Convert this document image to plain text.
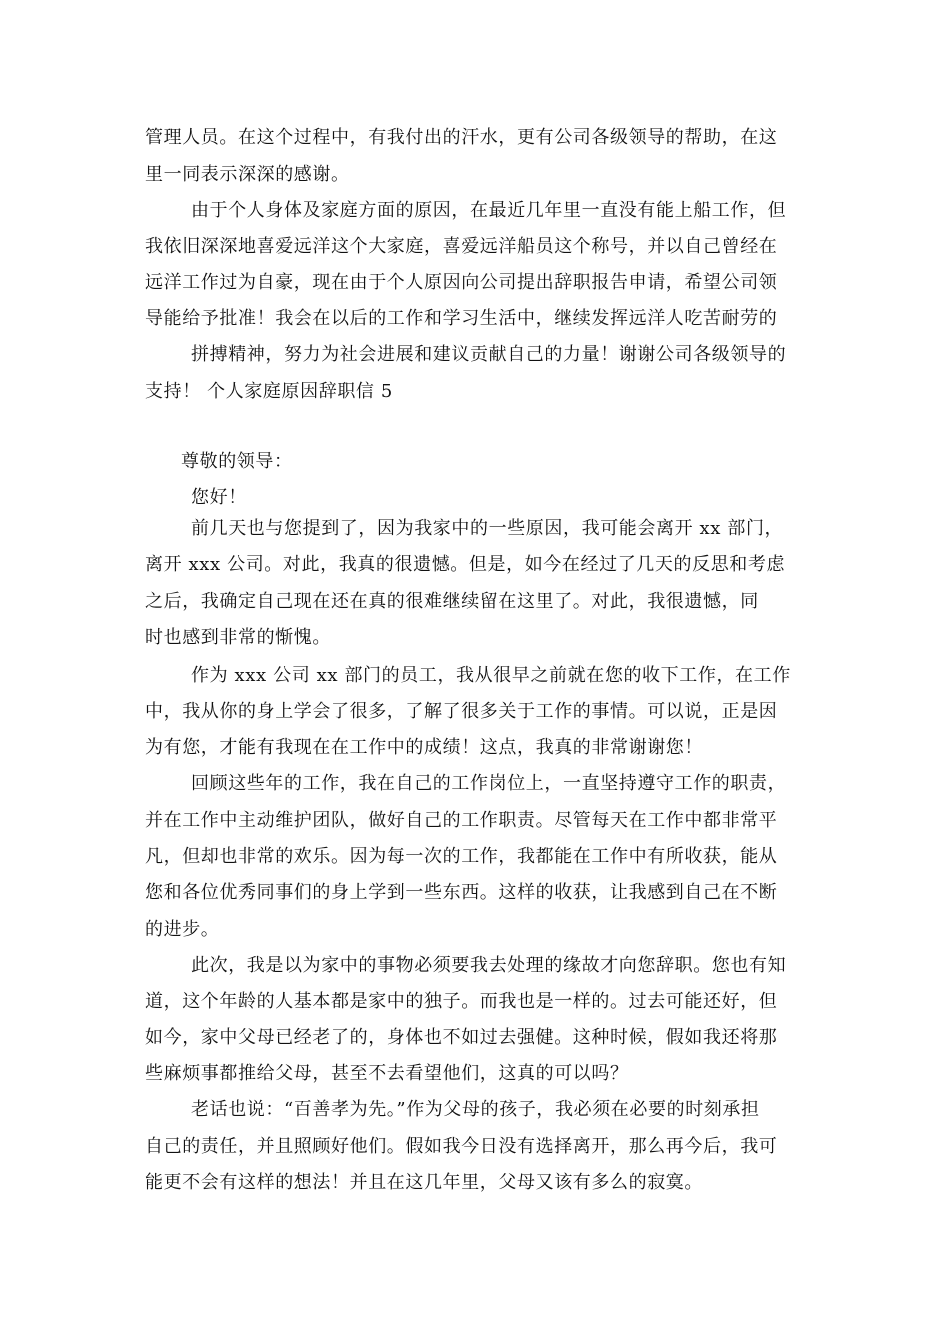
管理人员。在这个过程中，有我付出的汗水，更有公司各级领导的帮助，在这
里一同表示深深的感谢。
由于个人身体及家庭方面的原因，在最近几年里一直没有能上船工作，但
我依旧深深地喜爱远洋这个大家庭，喜爱远洋船员这个称号，并以自己曾经在
远洋工作过为自豪，现在由于个人原因向公司提出辞职报告申请，希望公司领
导能给予批准！我会在以后的工作和学习生活中，继续发挥远洋人吃苦耐劳的
拼搏精神，努力为社会进展和建议贡献自己的力量！谢谢公司各级领导的
支持！ 个人家庭原因辞职信 5
尊敬的领导：
您好！
前几天也与您提到了，因为我家中的一些原因，我可能会离开 xx 部门，
离开 xxx 公司。对此，我真的很遗憾。但是，如今在经过了几天的反思和考虑
之后，我确定自己现在还在真的很难继续留在这里了。对此，我很遗憾，同
时也感到非常的惭愧。
作为 xxx 公司 xx 部门的员工，我从很早之前就在您的收下工作，在工作
中，我从你的身上学会了很多，了解了很多关于工作的事情。可以说，正是因
为有您，才能有我现在在工作中的成绩！这点，我真的非常谢谢您！
回顾这些年的工作，我在自己的工作岗位上，一直坚持遵守工作的职责，
并在工作中主动维护团队，做好自己的工作职责。尽管每天在工作中都非常平
凡，但却也非常的欢乐。因为每一次的工作，我都能在工作中有所收获，能从
您和各位优秀同事们的身上学到一些东西。这样的收获，让我感到自己在不断
的进步。
此次，我是以为家中的事物必须要我去处理的缘故才向您辞职。您也有知
道，这个年龄的人基本都是家中的独子。而我也是一样的。过去可能还好，但
如今，家中父母已经老了的，身体也不如过去强健。这种时候，假如我还将那
些麻烦事都推给父母，甚至不去看望他们，这真的可以吗？
老话也说：“百善孝为先。”作为父母的孩子，我必须在必要的时刻承担
自己的责任，并且照顾好他们。假如我今日没有选择离开，那么再今后，我可
能更不会有这样的想法！并且在这几年里，父母又该有多么的寂寞。
